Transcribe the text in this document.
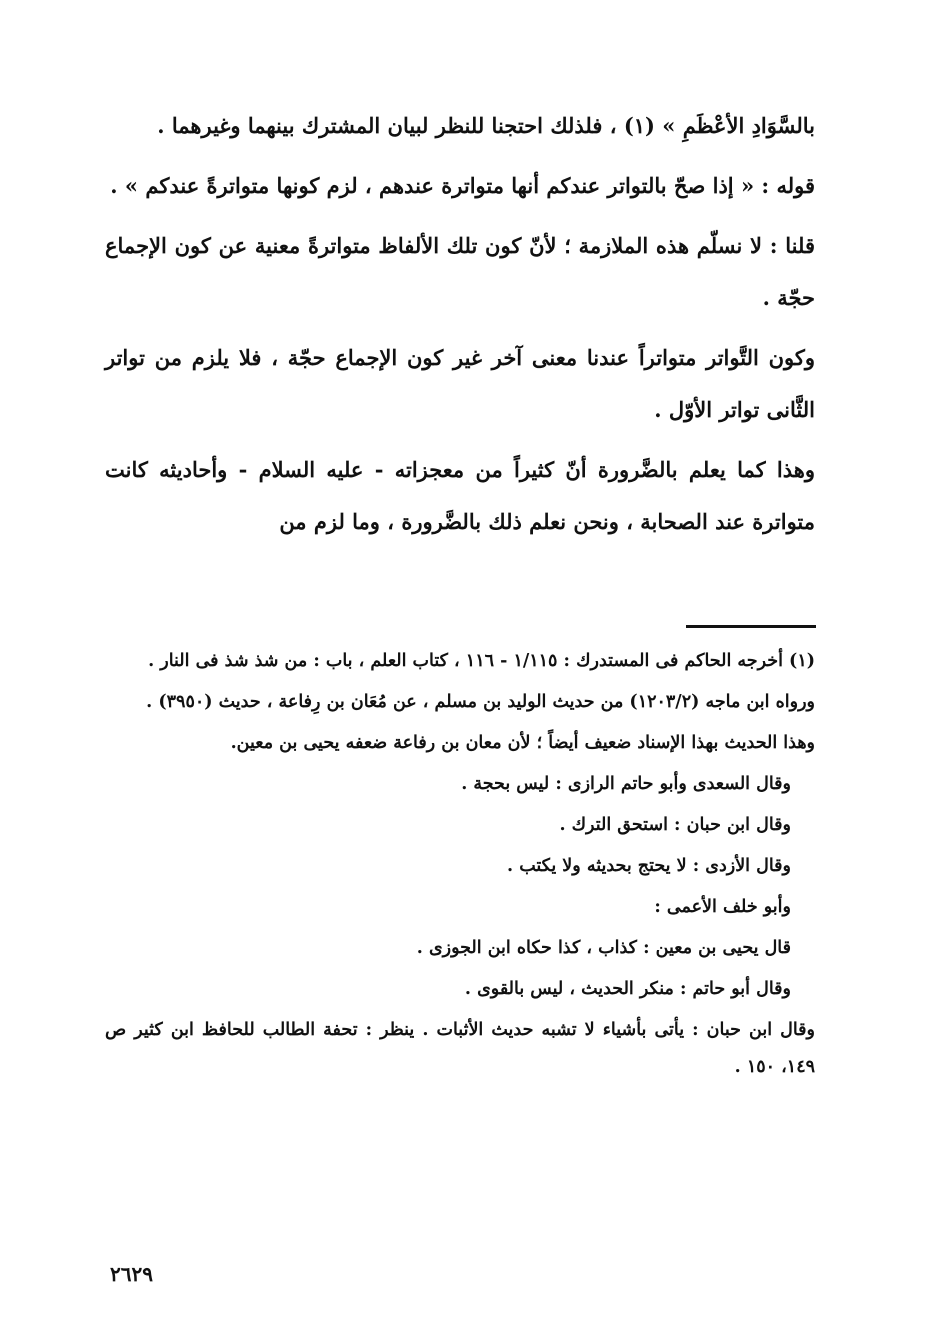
بالسَّوَادِ الأعْظَمِ » (١) ، فلذلك احتجنا للنظر لبيان المشترك بينهما وغيرهما .

قوله : « إذا صحّ بالتواتر عندكم أنها متواترة عندهم ، لزم كونها متواترةً عندكم » .

قلنا : لا نسلّم هذه الملازمة ؛ لأنّ كون تلك الألفاظ متواترةً معنية عن كون الإجماع حجّة .

وكون التَّواتر متواتراً عندنا معنى آخر غير كون الإجماع حجّة ، فلا يلزم من تواتر الثَّانى تواتر الأوّل .

وهذا كما يعلم بالضَّرورة أنّ كثيراً من معجزاته - عليه السلام - وأحاديثه كانت متواترة عند الصحابة ، ونحن نعلم ذلك بالضَّرورة ، وما لزم من

(١) أخرجه الحاكم فى المستدرك : ١/١١٥ - ١١٦ ، كتاب العلم ، باب : من شذ شذ فى النار .

ورواه ابن ماجه (١٢٠٣/٢) من حديث الوليد بن مسلم ، عن مُعَان بن رِفاعة ، حديث (٣٩٥٠) .

وهذا الحديث بهذا الإسناد ضعيف أيضاً ؛ لأن معان بن رفاعة ضعفه يحيى بن معين.

وقال السعدى وأبو حاتم الرازى : ليس بحجة .

وقال ابن حبان : استحق الترك .

وقال الأزدى : لا يحتج بحديثه ولا يكتب .

وأبو خلف الأعمى :

قال يحيى بن معين : كذاب ، كذا حكاه ابن الجوزى .

وقال أبو حاتم : منكر الحديث ، ليس بالقوى .

وقال ابن حبان : يأتى بأشياء لا تشبه حديث الأثبات . ينظر : تحفة الطالب للحافظ ابن كثير ص ١٤٩، ١٥٠ .

٢٦٢٩
